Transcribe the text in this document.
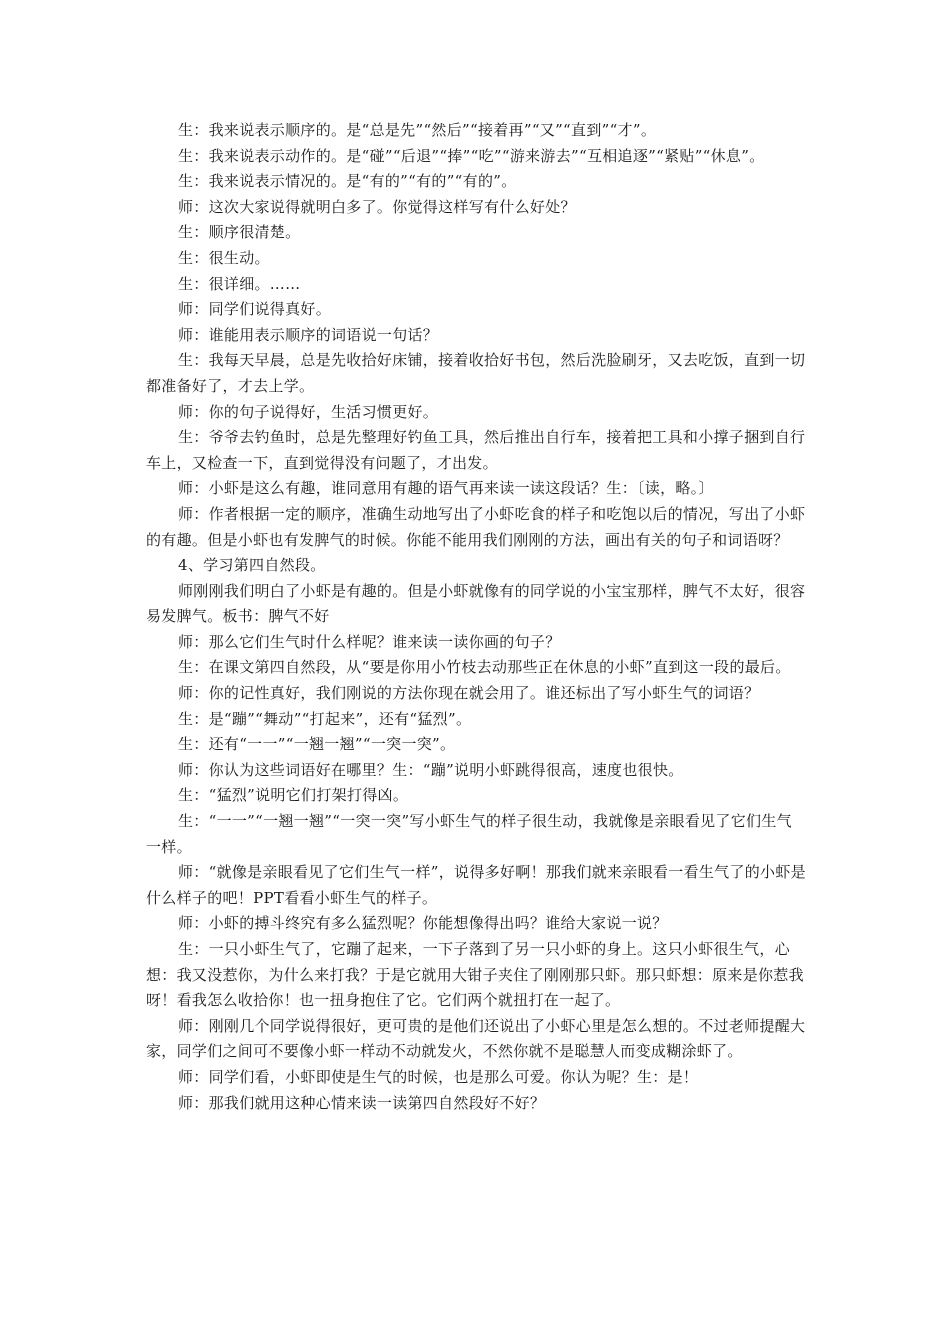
生：我来说表示顺序的。是“总是先”“然后”“接着再”“又”“直到”“才”。

生：我来说表示动作的。是“碰”“后退”“捧”“吃”“游来游去”“互相追逐”“紧贴”“休息”。

生：我来说表示情况的。是“有的”“有的”“有的”。

师：这次大家说得就明白多了。你觉得这样写有什么好处？

生：顺序很清楚。

生：很生动。

生：很详细。……

师：同学们说得真好。

师：谁能用表示顺序的词语说一句话？

生：我每天早晨，总是先收拾好床铺，接着收拾好书包，然后洗脸刷牙，又去吃饭，直到一切都准备好了，才去上学。

师：你的句子说得好，生活习惯更好。

生：爷爷去钓鱼时，总是先整理好钓鱼工具，然后推出自行车，接着把工具和小撑子捆到自行车上，又检查一下，直到觉得没有问题了，才出发。

师：小虾是这么有趣，谁同意用有趣的语气再来读一读这段话？生：〔读，略。〕

师：作者根据一定的顺序，准确生动地写出了小虾吃食的样子和吃饱以后的情况，写出了小虾的有趣。但是小虾也有发脾气的时候。你能不能用我们刚刚的方法，画出有关的句子和词语呀？

4、学习第四自然段。

师刚刚我们明白了小虾是有趣的。但是小虾就像有的同学说的小宝宝那样，脾气不太好，很容易发脾气。板书：脾气不好

师：那么它们生气时什么样呢？谁来读一读你画的句子？

生：在课文第四自然段，从“要是你用小竹枝去动那些正在休息的小虾”直到这一段的最后。

师：你的记性真好，我们刚说的方法你现在就会用了。谁还标出了写小虾生气的词语？

生：是“蹦”“舞动”“打起来”，还有“猛烈”。

生：还有“一一”“一翘一翘”“一突一突”。

师：你认为这些词语好在哪里？生：“蹦”说明小虾跳得很高，速度也很快。

生：“猛烈”说明它们打架打得凶。

生：“一一”“一翘一翘”“一突一突”写小虾生气的样子很生动，我就像是亲眼看见了它们生气一样。

师：“就像是亲眼看见了它们生气一样”，说得多好啊！那我们就来亲眼看一看生气了的小虾是什么样子的吧！PPT看看小虾生气的样子。

师：小虾的搏斗终究有多么猛烈呢？你能想像得出吗？谁给大家说一说？

生：一只小虾生气了，它蹦了起来，一下子落到了另一只小虾的身上。这只小虾很生气，心想：我又没惹你，为什么来打我？于是它就用大钳子夹住了刚刚那只虾。那只虾想：原来是你惹我呀！看我怎么收拾你！也一扭身抱住了它。它们两个就扭打在一起了。

师：刚刚几个同学说得很好，更可贵的是他们还说出了小虾心里是怎么想的。不过老师提醒大家，同学们之间可不要像小虾一样动不动就发火，不然你就不是聪慧人而变成糊涂虾了。

师：同学们看，小虾即使是生气的时候，也是那么可爱。你认为呢？生：是！

师：那我们就用这种心情来读一读第四自然段好不好？
